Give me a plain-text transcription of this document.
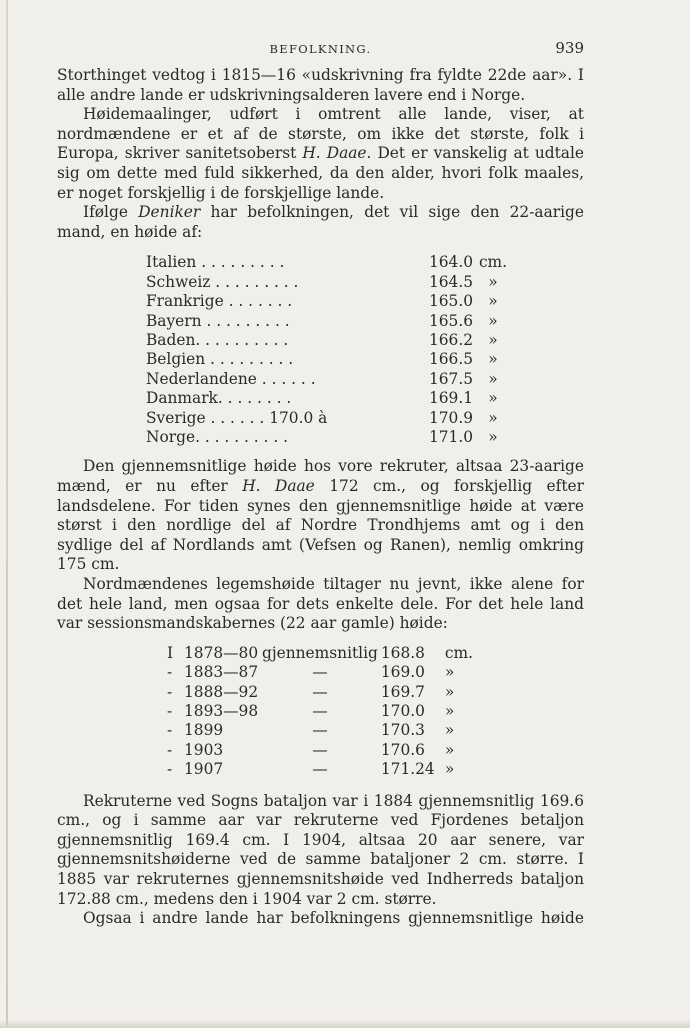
BEFOLKNING.	939

Storthinget vedtog i 1815—16 «udskrivning fra fyldte 22de aar». I alle andre lande er udskrivningsalderen lavere end i Norge.

Høidemaalinger, udført i omtrent alle lande, viser, at nordmændene er et af de største, om ikke det største, folk i Europa, skriver sanitetsoberst H. Daae. Det er vanskelig at udtale sig om dette med fuld sikkerhed, da den alder, hvori folk maales, er noget forskjellig i de forskjellige lande.

Ifølge Deniker har befolkningen, det vil sige den 22-aarige mand, en høide af:

Italien . . . . . . . . .	164.0	cm.
Schweiz . . . . . . . . .	164.5	»
Frankrige . . . . . . .	165.0	»
Bayern . . . . . . . . .	165.6	»
Baden. . . . . . . . . .	166.2	»
Belgien . . . . . . . . .	166.5	»
Nederlandene . . . . . .	167.5	»
Danmark. . . . . . . .	169.1	»
Sverige . . . . . . 170.0 à	170.9	»
Norge. . . . . . . . . .	171.0	»

Den gjennemsnitlige høide hos vore rekruter, altsaa 23-aarige mænd, er nu efter H. Daae 172 cm., og forskjellig efter landsdelene. For tiden synes den gjennemsnitlige høide at være størst i den nordlige del af Nordre Trondhjems amt og i den sydlige del af Nordlands amt (Vefsen og Ranen), nemlig omkring 175 cm.

Nordmændenes legemshøide tiltager nu jevnt, ikke alene for det hele land, men ogsaa for dets enkelte dele. For det hele land var sessionsmandskabernes (22 aar gamle) høide:

I	1878—80	gjennemsnitlig	168.8	cm.
-	1883—87	—	169.0	»
-	1888—92	—	169.7	»
-	1893—98	—	170.0	»
-	1899	—	170.3	»
-	1903	—	170.6	»
-	1907	—	171.24	»

Rekruterne ved Sogns bataljon var i 1884 gjennemsnitlig 169.6 cm., og i samme aar var rekruterne ved Fjordenes betaljon gjennemsnitlig 169.4 cm. I 1904, altsaa 20 aar senere, var gjennemsnitshøiderne ved de samme bataljoner 2 cm. større. I 1885 var rekruternes gjennemsnitshøide ved Indherreds bataljon 172.88 cm., medens den i 1904 var 2 cm. større.

Ogsaa i andre lande har befolkningens gjennemsnitlige høide
